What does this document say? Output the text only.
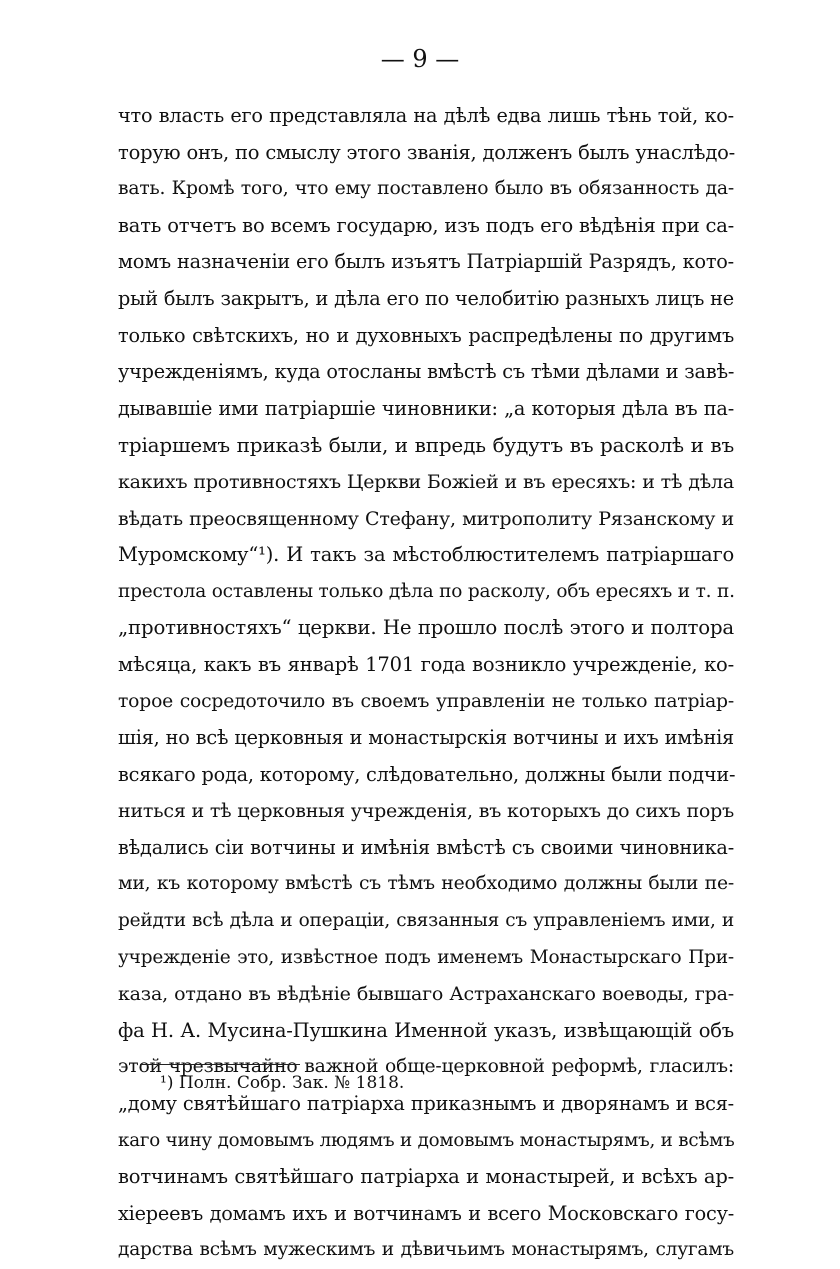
— 9 —
что власть его представляла на дѣлѣ едва лишь тѣнь той, ко-
торую онъ, по смыслу этого званія, долженъ былъ унаслѣдо-
вать. Кромѣ того, что ему поставлено было въ обязанность да-
вать отчетъ во всемъ государю, изъ подъ его вѣдѣнія при са-
момъ назначеніи его былъ изъятъ Патріаршій Разрядъ, кото-
рый былъ закрытъ, и дѣла его по челобитію разныхъ лицъ не
только свѣтскихъ, но и духовныхъ распредѣлены по другимъ
учрежденіямъ, куда отосланы вмѣстѣ съ тѣми дѣлами и завѣ-
дывавшіе ими патріаршіе чиновники: „а которыя дѣла въ па-
тріаршемъ приказѣ были, и впредь будутъ въ расколѣ и въ
какихъ противностяхъ Церкви Божіей и въ ересяхъ: и тѣ дѣла
вѣдать преосвященному Стефану, митрополиту Рязанскому и
Муромскому“¹). И такъ за мѣстоблюстителемъ патріаршаго
престола оставлены только дѣла по расколу, объ ересяхъ и т. п.
„противностяхъ“ церкви. Не прошло послѣ этого и полтора
мѣсяца, какъ въ январѣ 1701 года возникло учрежденіе, ко-
торое сосредоточило въ своемъ управленіи не только патріар-
шія, но всѣ церковныя и монастырскія вотчины и ихъ имѣнія
всякаго рода, которому, слѣдовательно, должны были подчи-
ниться и тѣ церковныя учрежденія, въ которыхъ до сихъ поръ
вѣдались сіи вотчины и имѣнія вмѣстѣ съ своими чиновника-
ми, къ которому вмѣстѣ съ тѣмъ необходимо должны были пе-
рейдти всѣ дѣла и операціи, связанныя съ управленіемъ ими, и
учрежденіе это, извѣстное подъ именемъ Монастырскаго При-
каза, отдано въ вѣдѣніе бывшаго Астраханскаго воеводы, гра-
фа Н. А. Мусина-Пушкина Именной указъ, извѣщающій объ
этой чрезвычайно важной обще-церковной реформѣ, гласилъ:
„дому святѣйшаго патріарха приказнымъ и дворянамъ и вся-
каго чину домовымъ людямъ и домовымъ монастырямъ, и всѣмъ
вотчинамъ святѣйшаго патріарха и монастырей, и всѣхъ ар-
хіереевъ домамъ ихъ и вотчинамъ и всего Московскаго госу-
дарства всѣмъ мужескимъ и дѣвичьимъ монастырямъ, слугамъ
¹) Полн. Собр. Зак. № 1818.
